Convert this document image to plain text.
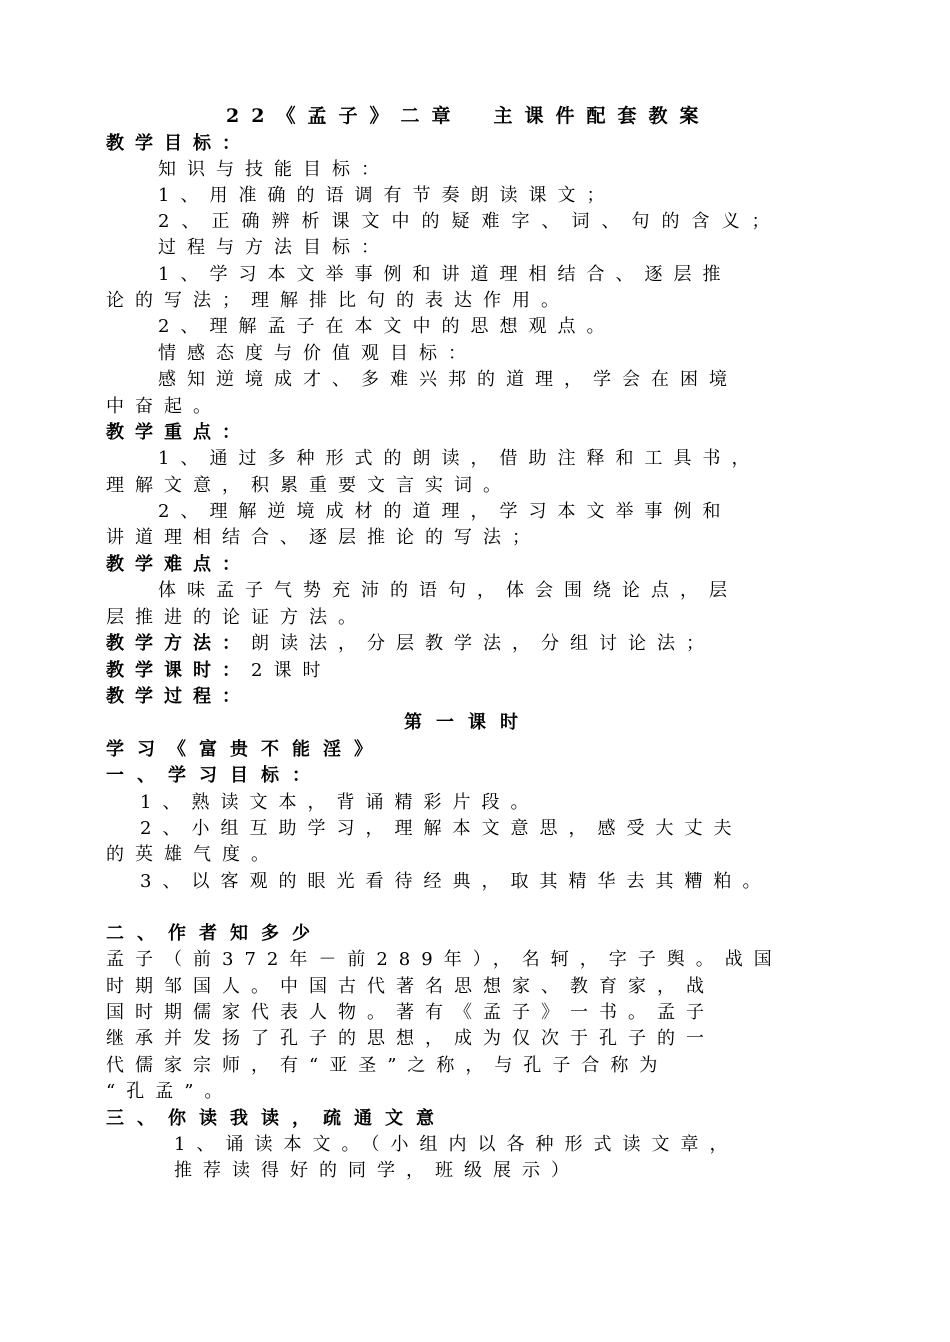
22《孟子》二章　主课件配套教案
教学目标：
知识与技能目标：
1、用准确的语调有节奏朗读课文；
2、正确辨析课文中的疑难字、词、句的含义；
过程与方法目标：
1、学习本文举事例和讲道理相结合、逐层推
论的写法；理解排比句的表达作用。
2、理解孟子在本文中的思想观点。
情感态度与价值观目标：
感知逆境成才、多难兴邦的道理，学会在困境
中奋起。
教学重点：
1、通过多种形式的朗读，借助注释和工具书，
理解文意，积累重要文言实词。
2、理解逆境成材的道理，学习本文举事例和
讲道理相结合、逐层推论的写法；
教学难点：
体味孟子气势充沛的语句，体会围绕论点，层
层推进的论证方法。
教学方法：朗读法，分层教学法，分组讨论法；
教学课时：2课时
教学过程：
第一课时
学习《富贵不能淫》
一、学习目标：
1、熟读文本，背诵精彩片段。
2、小组互助学习，理解本文意思，感受大丈夫
的英雄气度。
3、以客观的眼光看待经典，取其精华去其糟粕。
二、作者知多少
孟子（前372年－前289年），名轲，字子舆。战国
时期邹国人。中国古代著名思想家、教育家，战
国时期儒家代表人物。著有《孟子》一书。孟子
继承并发扬了孔子的思想，成为仅次于孔子的一
代儒家宗师，有“亚圣”之称，与孔子合称为
“孔孟”。
三、你读我读，疏通文意
1、诵读本文。（小组内以各种形式读文章，
推荐读得好的同学，班级展示）
